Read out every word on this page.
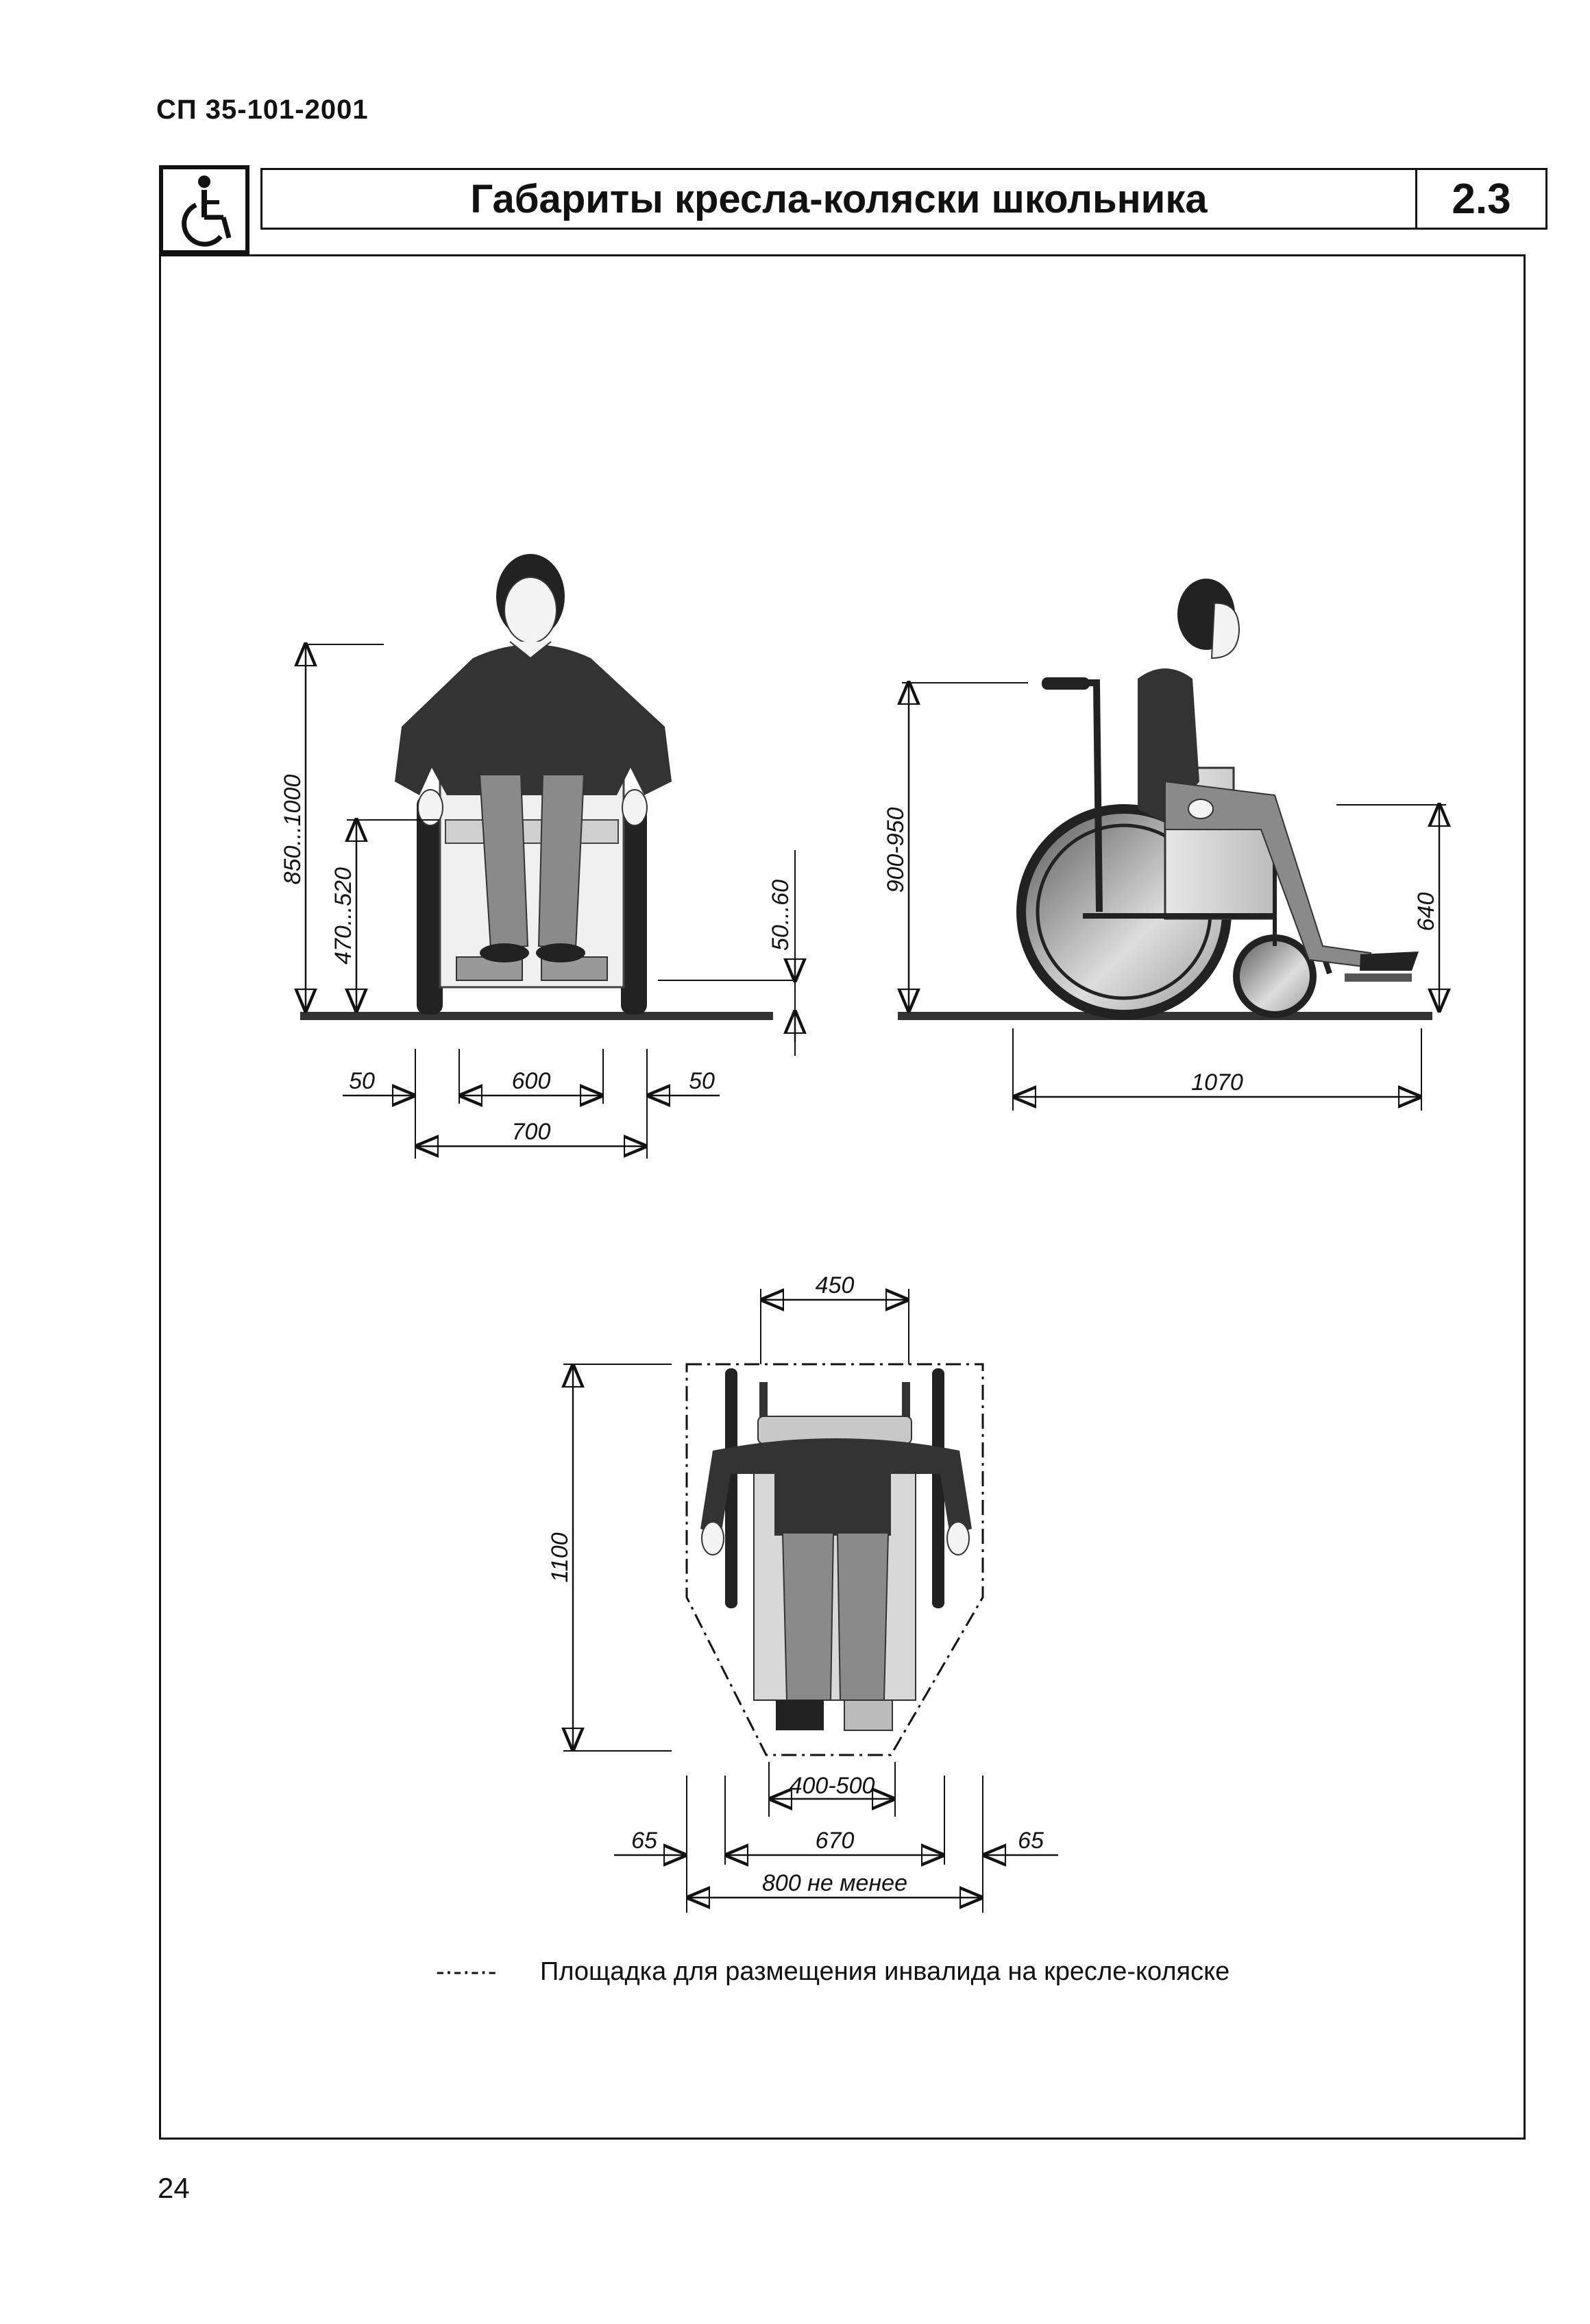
СП 35-101-2001
Габариты кресла-коляски школьника	2.3
850...1000
470...520	50...60
50	600	50
700
900-950
640
1070
450
1100
400-500
65	670	65
800 не менее
-·-·-·- Площадка для размещения инвалида на кресле-коляске
24
